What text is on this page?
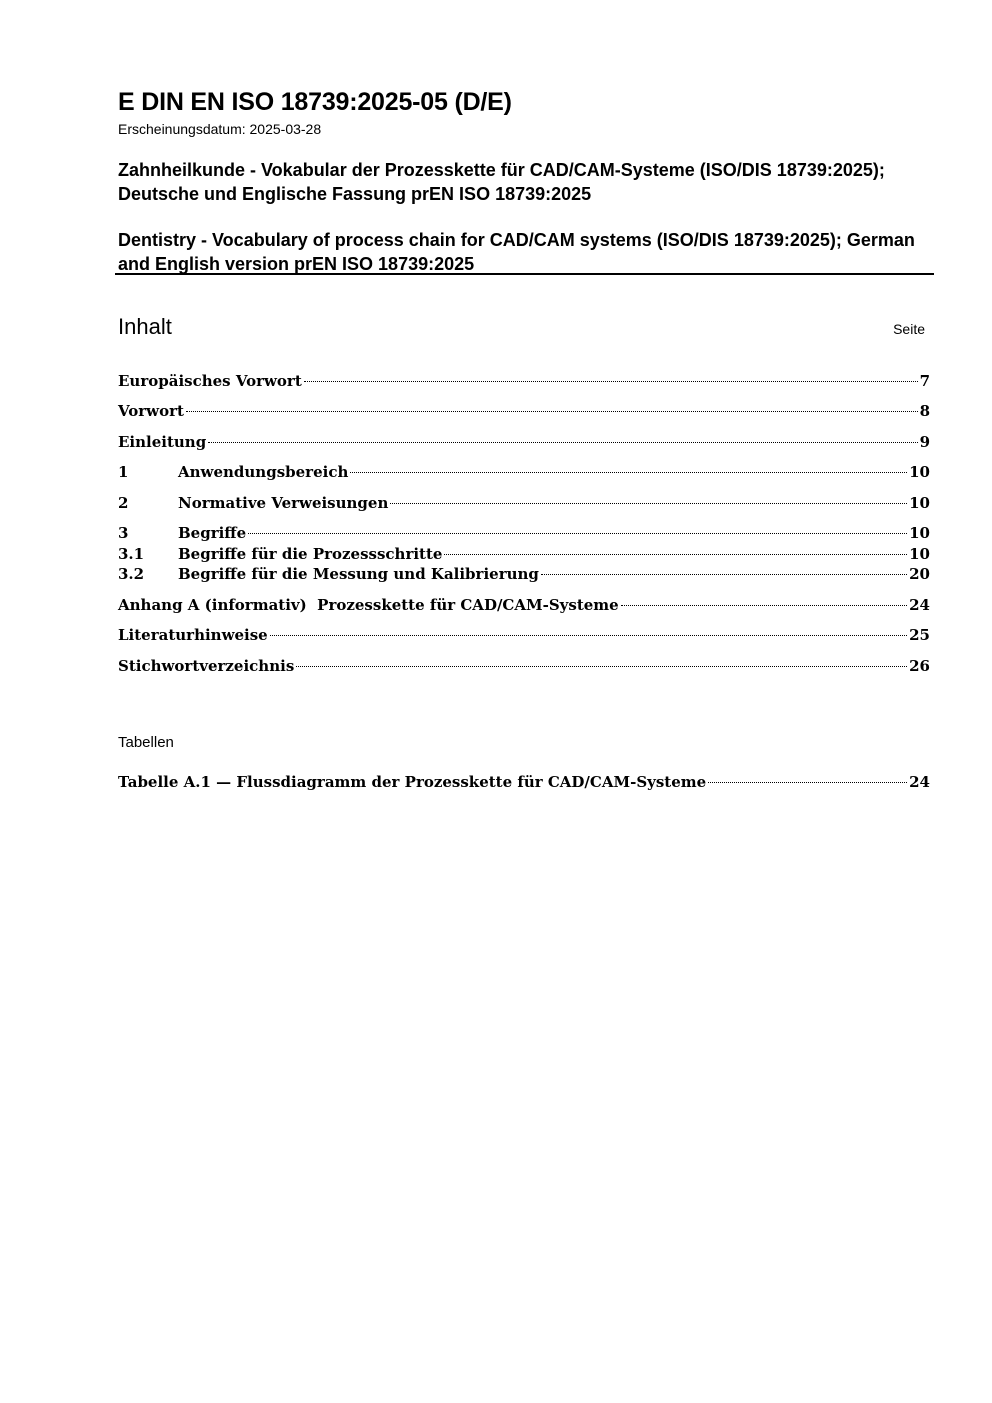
E DIN EN ISO 18739:2025-05 (D/E)
Erscheinungsdatum: 2025-03-28
Zahnheilkunde - Vokabular der Prozesskette für CAD/CAM-Systeme (ISO/DIS 18739:2025); Deutsche und Englische Fassung prEN ISO 18739:2025
Dentistry - Vocabulary of process chain for CAD/CAM systems (ISO/DIS 18739:2025); German and English version prEN ISO 18739:2025
Inhalt	Seite
Europäisches Vorwort	7
Vorwort	8
Einleitung	9
1	Anwendungsbereich	10
2	Normative Verweisungen	10
3	Begriffe	10
3.1	Begriffe für die Prozessschritte	10
3.2	Begriffe für die Messung und Kalibrierung	20
Anhang A (informativ)  Prozesskette für CAD/CAM-Systeme	24
Literaturhinweise	25
Stichwortverzeichnis	26
Tabellen
Tabelle A.1 — Flussdiagramm der Prozesskette für CAD/CAM-Systeme	24
